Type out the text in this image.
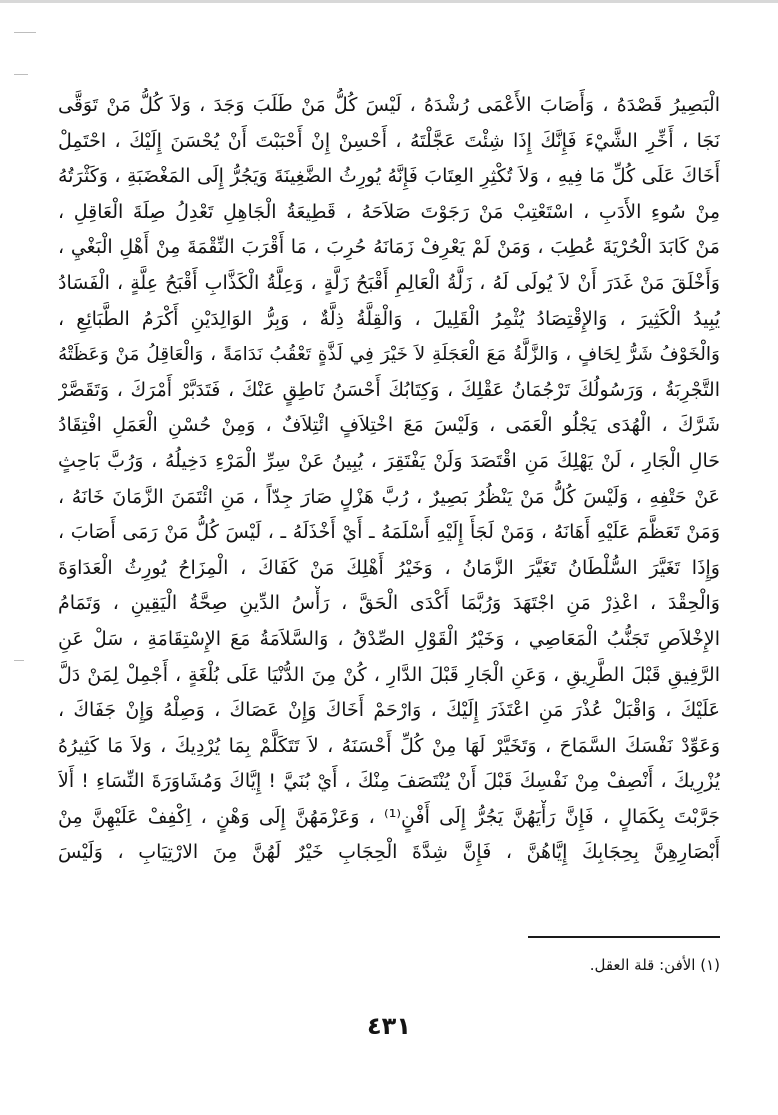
الْبَصِيرُ قَصْدَهُ ، وَأَصَابَ الأَعْمَى رُشْدَهُ ، لَيْسَ كُلُّ مَنْ طَلَبَ وَجَدَ ، وَلاَ كُلُّ مَنْ تَوَقَّى
نَجَا ، أَخِّرِ الشَّيْءَ فَإِنَّكَ إِذَا شِئْتَ عَجَّلْتَهُ ، أَحْسِنْ إِنْ أَحْبَبْتَ أَنْ يُحْسَنَ إِلَيْكَ ، احْتَمِلْ
أَخَاكَ عَلَى كُلِّ مَا فِيهِ ، وَلاَ تُكْثِرِ العِتَابَ فَإِنَّهُ يُورِثُ الضَّغِينَةَ وَيَجُرُّ إِلَى المَغْضَبَةِ ، وَكَثْرَتُهُ
مِنْ سُوءِ الأَدَبِ ، اسْتَعْتِبْ مَنْ رَجَوْتَ صَلاَحَهُ ، قَطِيعَةُ الْجَاهِلِ تَعْدِلُ صِلَةَ الْعَاقِلِ ،
مَنْ كَابَدَ الْحُرْيَةَ عُطِبَ ، وَمَنْ لَمْ يَعْرِفْ زَمَانَهُ حُرِبَ ، مَا أَقْرَبَ النِّقْمَةَ مِنْ أَهْلِ الْبَغْيِ ،
وَأَخْلَقَ مَنْ غَدَرَ أَنْ لاَ يُولَى لَهُ ، زَلَّةُ الْعَالِمِ أَقْبَحُ زَلَّةٍ ، وَعِلَّةُ الْكَذَّابِ أَقْبَحُ عِلَّةٍ ، الْفَسَادُ
يُبِيدُ الْكَثِيرَ ، وَالإِقْتِصَادُ يُثْمِرُ الْقَلِيلَ ، وَالْقِلَّةُ ذِلَّةٌ ، وَبِرُّ الوَالِدَيْنِ أَكْرَمُ الطَّبَائِعِ ،
وَالْخَوْفُ شَرُّ لِحَافٍ ، وَالزَّلَّةُ مَعَ الْعَجَلَةِ لاَ خَيْرَ فِي لَذَّةٍ تَعْقُبُ نَدَامَةً ، وَالْعَاقِلُ مَنْ وَعَظَتْهُ
التَّجْرِبَةُ ، وَرَسُولُكَ تَرْجُمَانُ عَقْلِكَ ، وَكِتَابُكَ أَحْسَنُ نَاطِقٍ عَنْكَ ، فَتَدَبَّرْ أَمْرَكَ ، وَتَقَصَّرْ
شَرَّكَ ، الْهُدَى يَجْلُو الْعَمَى ، وَلَيْسَ مَعَ اخْتِلاَفٍ ائْتِلاَفٌ ، وَمِنْ حُسْنِ الْعَمَلِ افْتِقَادُ
حَالِ الْجَارِ ، لَنْ يَهْلِكَ مَنِ اقْتَصَدَ وَلَنْ يَفْتَقِرَ ، يُبِينُ عَنْ سِرِّ الْمَرْءِ دَخِيلُهُ ، وَرُبَّ بَاحِثٍ
عَنْ حَتْفِهِ ، وَلَيْسَ كُلُّ مَنْ يَنْظُرُ بَصِيرٌ ، رُبَّ هَزْلٍ صَارَ جِدّاً ، مَنِ ائْتَمَنَ الزَّمَانَ خَانَهُ ،
وَمَنْ تَعَظَّمَ عَلَيْهِ أَهَانَهُ ، وَمَنْ لَجَأَ إِلَيْهِ أَسْلَمَهُ ـ أَيْ أَخْذَلَهُ ـ ، لَيْسَ كُلُّ مَنْ رَمَى أَصَابَ ،
وَإِذَا تَغَيَّرَ السُّلْطَانُ تَغَيَّرَ الزَّمَانُ ، وَخَيْرُ أَهْلِكَ مَنْ كَفَاكَ ، الْمِزَاحُ يُورِثُ الْعَدَاوَةَ
وَالْحِقْدَ ، اعْذِرْ مَنِ اجْتَهَدَ وَرُبَّمَا أَكْدَى الْحَقَّ ، رَأْسُ الدِّينِ صِحَّةُ الْيَقِينِ ، وَتَمَامُ
الإِخْلاَصِ تَجَنُّبُ الْمَعَاصِي ، وَخَيْرُ الْقَوْلِ الصِّدْقُ ، وَالسَّلاَمَةُ مَعَ الإِسْتِقَامَةِ ، سَلْ عَنِ
الرَّفِيقِ قَبْلَ الطَّرِيقِ ، وَعَنِ الْجَارِ قَبْلَ الدَّارِ ، كُنْ مِنَ الدُّنْيَا عَلَى بُلْغَةٍ ، أَجْمِلْ لِمَنْ دَلَّ
عَلَيْكَ ، وَاقْبَلْ عُذْرَ مَنِ اعْتَذَرَ إِلَيْكَ ، وَارْحَمْ أَخَاكَ وَإِنْ عَصَاكَ ، وَصِلْهُ وَإِنْ جَفَاكَ ،
وَعَوِّدْ نَفْسَكَ السَّمَاحَ ، وَتَخَيَّرْ لَهَا مِنْ كُلِّ أَحْسَنَهُ ، لاَ تَتَكَلَّمْ بِمَا يُرْدِيكَ ، وَلاَ مَا كَثِيرُهُ
يُزْرِيكَ ، أَنْصِفْ مِنْ نَفْسِكَ قَبْلَ أَنْ يُنْتَصَفَ مِنْكَ ، أَيْ بُنَيَّ ! إِيَّاكَ وَمُشَاوَرَةَ النِّسَاءِ ! أَلاَ
جَرَّبْتَ بِكَمَالٍ ، فَإِنَّ رَأْيَهُنَّ يَجُرُّ إِلَى أَفْنٍ⁽¹⁾ ، وَعَزْمَهُنَّ إِلَى وَهْنٍ ، اِكْفِفْ عَلَيْهِنَّ مِنْ
أَبْصَارِهِنَّ بِحِجَابِكَ إِيَّاهُنَّ ، فَإِنَّ شِدَّةَ الْحِجَابِ خَيْرٌ لَهُنَّ مِنَ الارْتِيَابِ ، وَلَيْسَ
(١) الأفن: قلة العقل.
٤٣١
